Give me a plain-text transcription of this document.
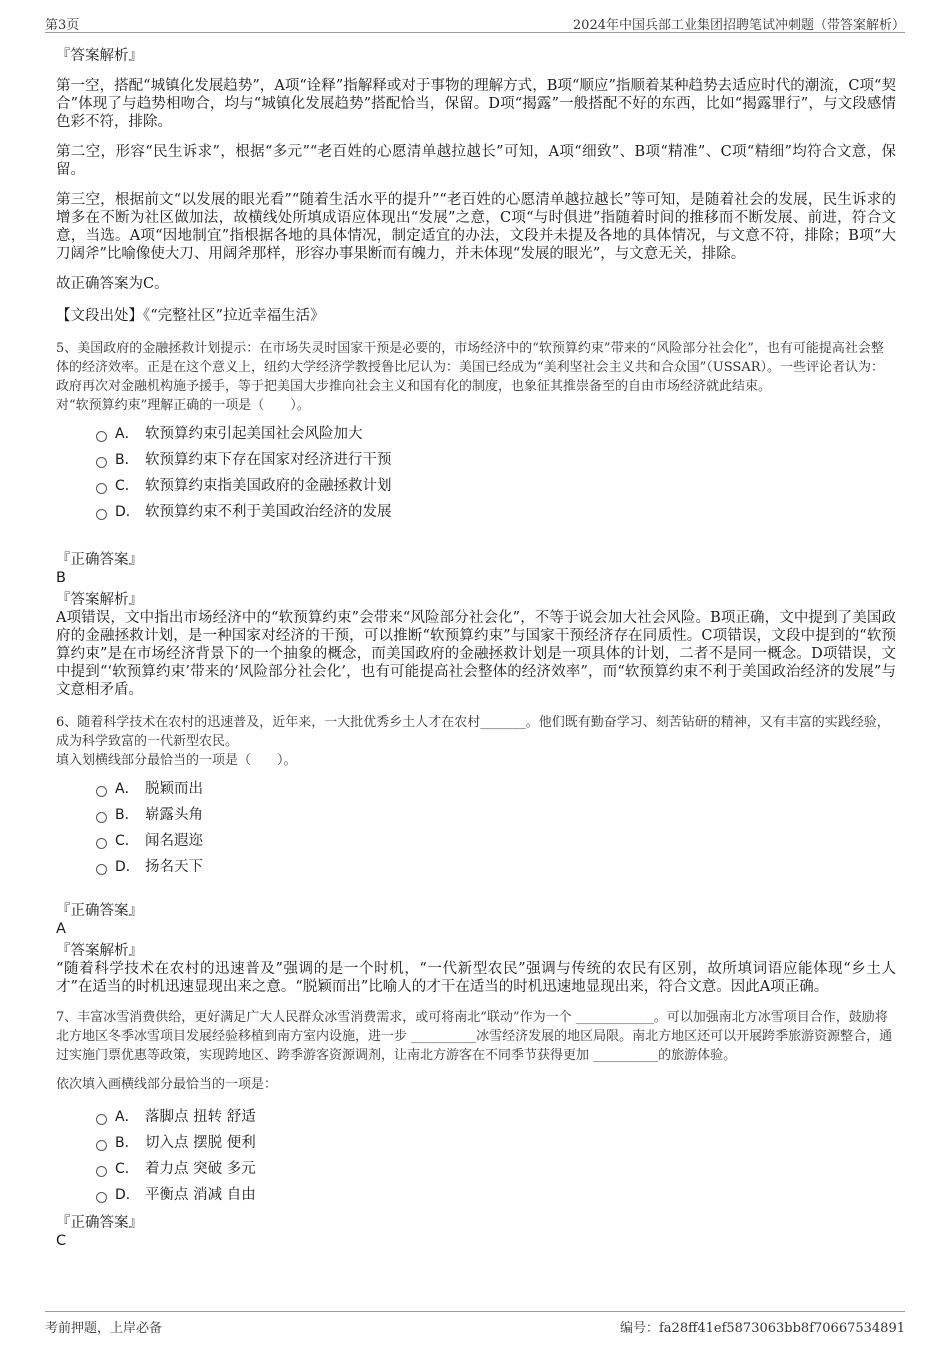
第3页	2024年中国兵部工业集团招聘笔试冲刺题（带答案解析）

『答案解析』

第一空，搭配“城镇化发展趋势”，A项“诠释”指解释或对于事物的理解方式，B项“顺应”指顺着某种趋势去适应时代的潮流，C项“契合”体现了与趋势相吻合，均与“城镇化发展趋势”搭配恰当，保留。D项“揭露”一般搭配不好的东西，比如“揭露罪行”，与文段感情色彩不符，排除。

第二空，形容“民生诉求”，根据“多元”“老百姓的心愿清单越拉越长”可知，A项“细致”、B项“精准”、C项“精细”均符合文意，保留。

第三空，根据前文“以发展的眼光看”“随着生活水平的提升”“老百姓的心愿清单越拉越长”等可知，是随着社会的发展，民生诉求的增多在不断为社区做加法，故横线处所填成语应体现出“发展”之意，C项“与时俱进”指随着时间的推移而不断发展、前进，符合文意，当选。A项“因地制宜”指根据各地的具体情况，制定适宜的办法，文段并未提及各地的具体情况，与文意不符，排除；B项“大刀阔斧”比喻像使大刀、用阔斧那样，形容办事果断而有魄力，并未体现“发展的眼光”，与文意无关，排除。

故正确答案为C。

【文段出处】《“完整社区”拉近幸福生活》

5、美国政府的金融拯救计划提示：在市场失灵时国家干预是必要的，市场经济中的“软预算约束”带来的“风险部分社会化”，也有可能提高社会整体的经济效率。正是在这个意义上，纽约大学经济学教授鲁比尼认为：美国已经成为“美利坚社会主义共和合众国”（USSAR）。一些评论者认为：政府再次对金融机构施予援手，等于把美国大步推向社会主义和国有化的制度，也象征其推崇备至的自由市场经济就此结束。

对“软预算约束”理解正确的一项是（　　）。

A． 软预算约束引起美国社会风险加大
B． 软预算约束下存在国家对经济进行干预
C． 软预算约束指美国政府的金融拯救计划
D． 软预算约束不利于美国政治经济的发展

『正确答案』

B

『答案解析』

A项错误，文中指出市场经济中的“软预算约束”会带来“风险部分社会化”，不等于说会加大社会风险。B项正确，文中提到了美国政府的金融拯救计划，是一种国家对经济的干预，可以推断“软预算约束”与国家干预经济存在同质性。C项错误，文段中提到的“软预算约束”是在市场经济背景下的一个抽象的概念，而美国政府的金融拯救计划是一项具体的计划，二者不是同一概念。D项错误，文中提到“‘软预算约束’带来的‘风险部分社会化’，也有可能提高社会整体的经济效率”，而“软预算约束不利于美国政治经济的发展”与文意相矛盾。

6、随着科学技术在农村的迅速普及，近年来，一大批优秀乡土人才在农村_______。他们既有勤奋学习、刻苦钻研的精神，又有丰富的实践经验，成为科学致富的一代新型农民。

填入划横线部分最恰当的一项是（　　）。

A． 脱颖而出
B． 崭露头角
C． 闻名遐迩
D． 扬名天下

『正确答案』

A

『答案解析』

“随着科学技术在农村的迅速普及”强调的是一个时机，“一代新型农民”强调与传统的农民有区别，故所填词语应能体现“乡土人才”在适当的时机迅速显现出来之意。“脱颖而出”比喻人的才干在适当的时机迅速地显现出来，符合文意。因此A项正确。

7、丰富冰雪消费供给，更好满足广大人民群众冰雪消费需求，或可将南北“联动”作为一个 ____________。可以加强南北方冰雪项目合作，鼓励将北方地区冬季冰雪项目发展经验移植到南方室内设施，进一步 __________冰雪经济发展的地区局限。南北方地区还可以开展跨季旅游资源整合，通过实施门票优惠等政策，实现跨地区、跨季游客资源调剂，让南北方游客在不同季节获得更加 __________的旅游体验。

依次填入画横线部分最恰当的一项是：

A． 落脚点 扭转 舒适
B． 切入点 摆脱 便利
C． 着力点 突破 多元
D． 平衡点 消减 自由

『正确答案』

C

考前押题，上岸必备	编号：fa28ff41ef5873063bb8f70667534891
